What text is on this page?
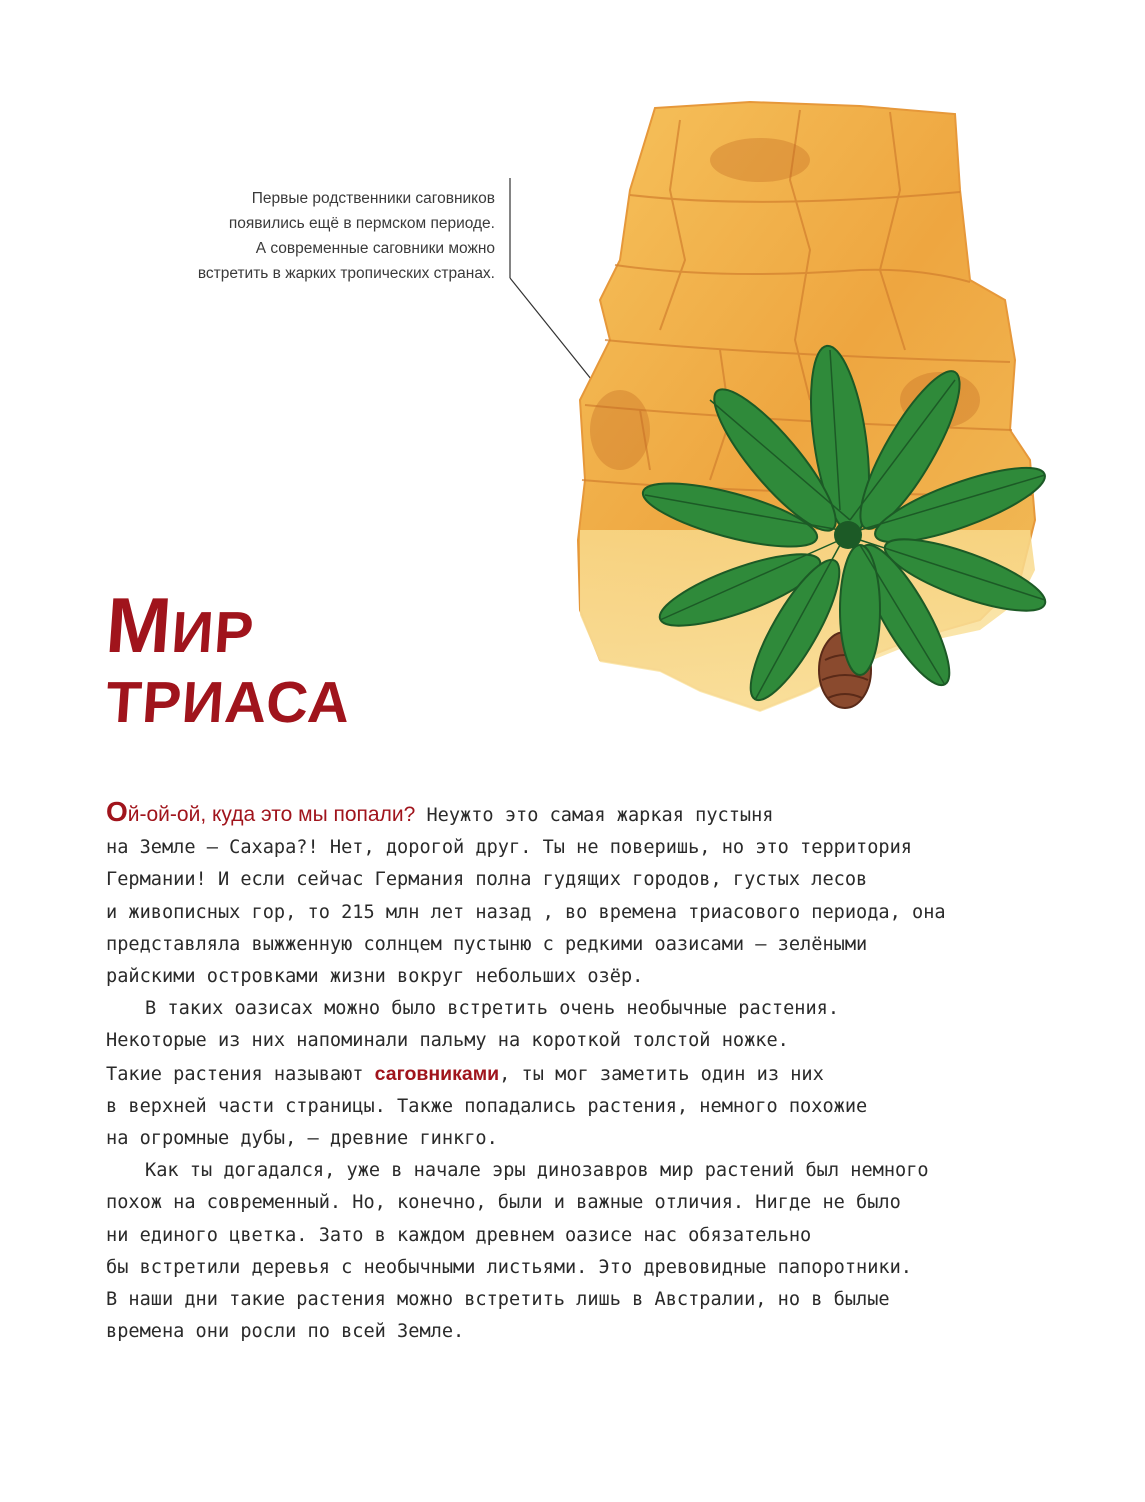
Первые родственники саговников
появились ещё в пермском периоде.
А современные саговники можно
встретить в жарких тропических странах.
МИР
ТРИАСА
Ой-ой-ой, куда это мы попали? Неужто это самая жаркая пустыня
на Земле — Сахара?! Нет, дорогой друг. Ты не поверишь, но это территория
Германии! И если сейчас Германия полна гудящих городов, густых лесов
и живописных гор, то 215 млн лет назад , во времена триасового периода, она
представляла выжженную солнцем пустыню с редкими оазисами — зелёными
райскими островками жизни вокруг небольших озёр.
В таких оазисах можно было встретить очень необычные растения.
Некоторые из них напоминали пальму на короткой толстой ножке.
Такие растения называют саговниками, ты мог заметить один из них
в верхней части страницы. Также попадались растения, немного похожие
на огромные дубы, — древние гинкго.
Как ты догадался, уже в начале эры динозавров мир растений был немного
похож на современный. Но, конечно, были и важные отличия. Нигде не было
ни единого цветка. Зато в каждом древнем оазисе нас обязательно
бы встретили деревья с необычными листьями. Это древовидные папоротники.
В наши дни такие растения можно встретить лишь в Австралии, но в былые
времена они росли по всей Земле.
